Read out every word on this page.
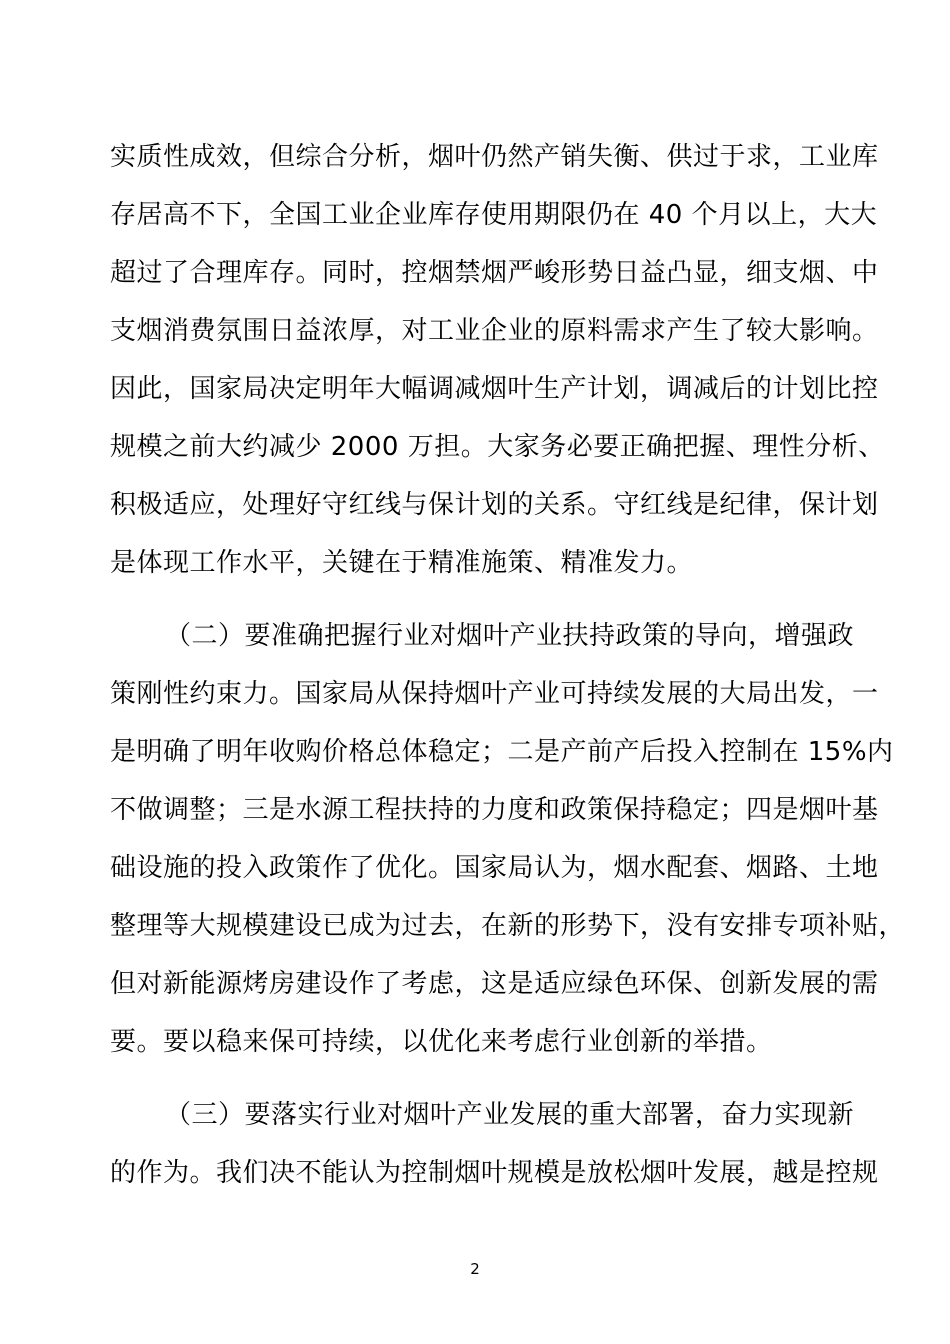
实质性成效，但综合分析，烟叶仍然产销失衡、供过于求，工业库
存居高不下，全国工业企业库存使用期限仍在 40 个月以上，大大
超过了合理库存。同时，控烟禁烟严峻形势日益凸显，细支烟、中
支烟消费氛围日益浓厚，对工业企业的原料需求产生了较大影响。
因此，国家局决定明年大幅调减烟叶生产计划，调减后的计划比控
规模之前大约减少 2000 万担。大家务必要正确把握、理性分析、
积极适应，处理好守红线与保计划的关系。守红线是纪律，保计划
是体现工作水平，关键在于精准施策、精准发力。
（二）要准确把握行业对烟叶产业扶持政策的导向，增强政
策刚性约束力。国家局从保持烟叶产业可持续发展的大局出发，一
是明确了明年收购价格总体稳定；二是产前产后投入控制在 15%内
不做调整；三是水源工程扶持的力度和政策保持稳定；四是烟叶基
础设施的投入政策作了优化。国家局认为，烟水配套、烟路、土地
整理等大规模建设已成为过去，在新的形势下，没有安排专项补贴，
但对新能源烤房建设作了考虑，这是适应绿色环保、创新发展的需
要。要以稳来保可持续，以优化来考虑行业创新的举措。
（三）要落实行业对烟叶产业发展的重大部署，奋力实现新
的作为。我们决不能认为控制烟叶规模是放松烟叶发展，越是控规
2
